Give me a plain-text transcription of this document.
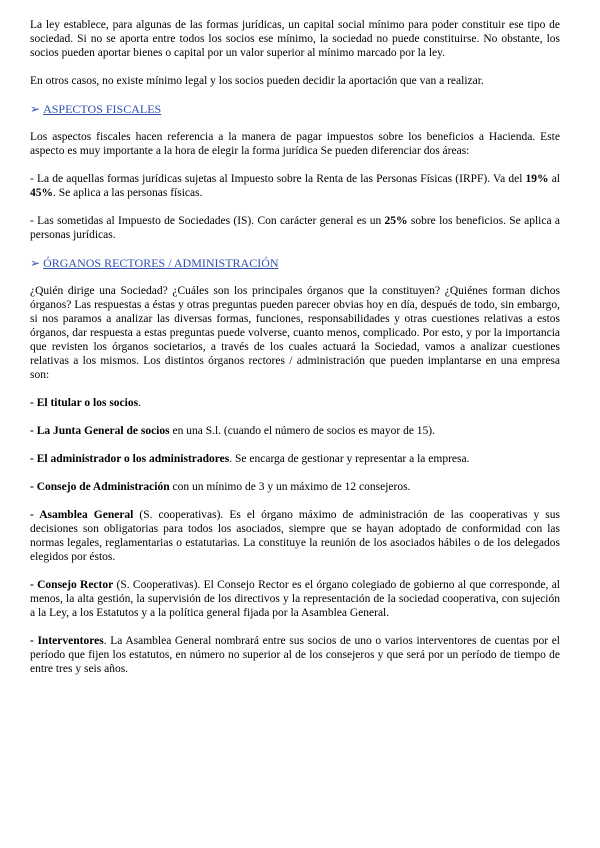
La ley establece, para algunas de las formas jurídicas, un capital social mínimo para poder constituir ese tipo de sociedad. Si no se aporta entre todos los socios ese mínimo, la sociedad no puede constituirse. No obstante, los socios pueden aportar bienes o capital por un valor superior al mínimo marcado por la ley.

En otros casos, no existe mínimo legal y los socios pueden decidir la aportación que van a realizar.

➢ ASPECTOS FISCALES

Los aspectos fiscales hacen referencia a la manera de pagar impuestos sobre los beneficios a Hacienda. Este aspecto es muy importante a la hora de elegir la forma jurídica Se pueden diferenciar dos áreas:

- La de aquellas formas jurídicas sujetas al Impuesto sobre la Renta de las Personas Físicas (IRPF). Va del 19% al 45%. Se aplica a las personas físicas.

- Las sometidas al Impuesto de Sociedades (IS). Con carácter general es un 25% sobre los beneficios. Se aplica a personas jurídicas.

➢ ÓRGANOS RECTORES / ADMINISTRACIÓN

¿Quién dirige una Sociedad? ¿Cuáles son los principales órganos que la constituyen? ¿Quiénes forman dichos órganos? Las respuestas a éstas y otras preguntas pueden parecer obvias hoy en día, después de todo, sin embargo, si nos paramos a analizar las diversas formas, funciones, responsabilidades y otras cuestiones relativas a estos órganos, dar respuesta a estas preguntas puede volverse, cuanto menos, complicado. Por esto, y por la importancia que revisten los órganos societarios, a través de los cuales actuará la Sociedad, vamos a analizar cuestiones relativas a los mismos. Los distintos órganos rectores / administración que pueden implantarse en una empresa son:

- El titular o los socios.

- La Junta General de socios en una S.l. (cuando el número de socios es mayor de 15).

- El administrador o los administradores. Se encarga de gestionar y representar a la empresa.

- Consejo de Administración con un mínimo de 3 y un máximo de 12 consejeros.

- Asamblea General (S. cooperativas). Es el órgano máximo de administración de las cooperativas y sus decisiones son obligatorias para todos los asociados, siempre que se hayan adoptado de conformidad con las normas legales, reglamentarias o estatutarias. La constituye la reunión de los asociados hábiles o de los delegados elegidos por éstos.

- Consejo Rector (S. Cooperativas). El Consejo Rector es el órgano colegiado de gobierno al que corresponde, al menos, la alta gestión, la supervisión de los directivos y la representación de la sociedad cooperativa, con sujeción a la Ley, a los Estatutos y a la política general fijada por la Asamblea General.

- Interventores. La Asamblea General nombrará entre sus socios de uno o varios interventores de cuentas por el período que fijen los estatutos, en número no superior al de los consejeros y que será por un período de tiempo de entre tres y seis años.
